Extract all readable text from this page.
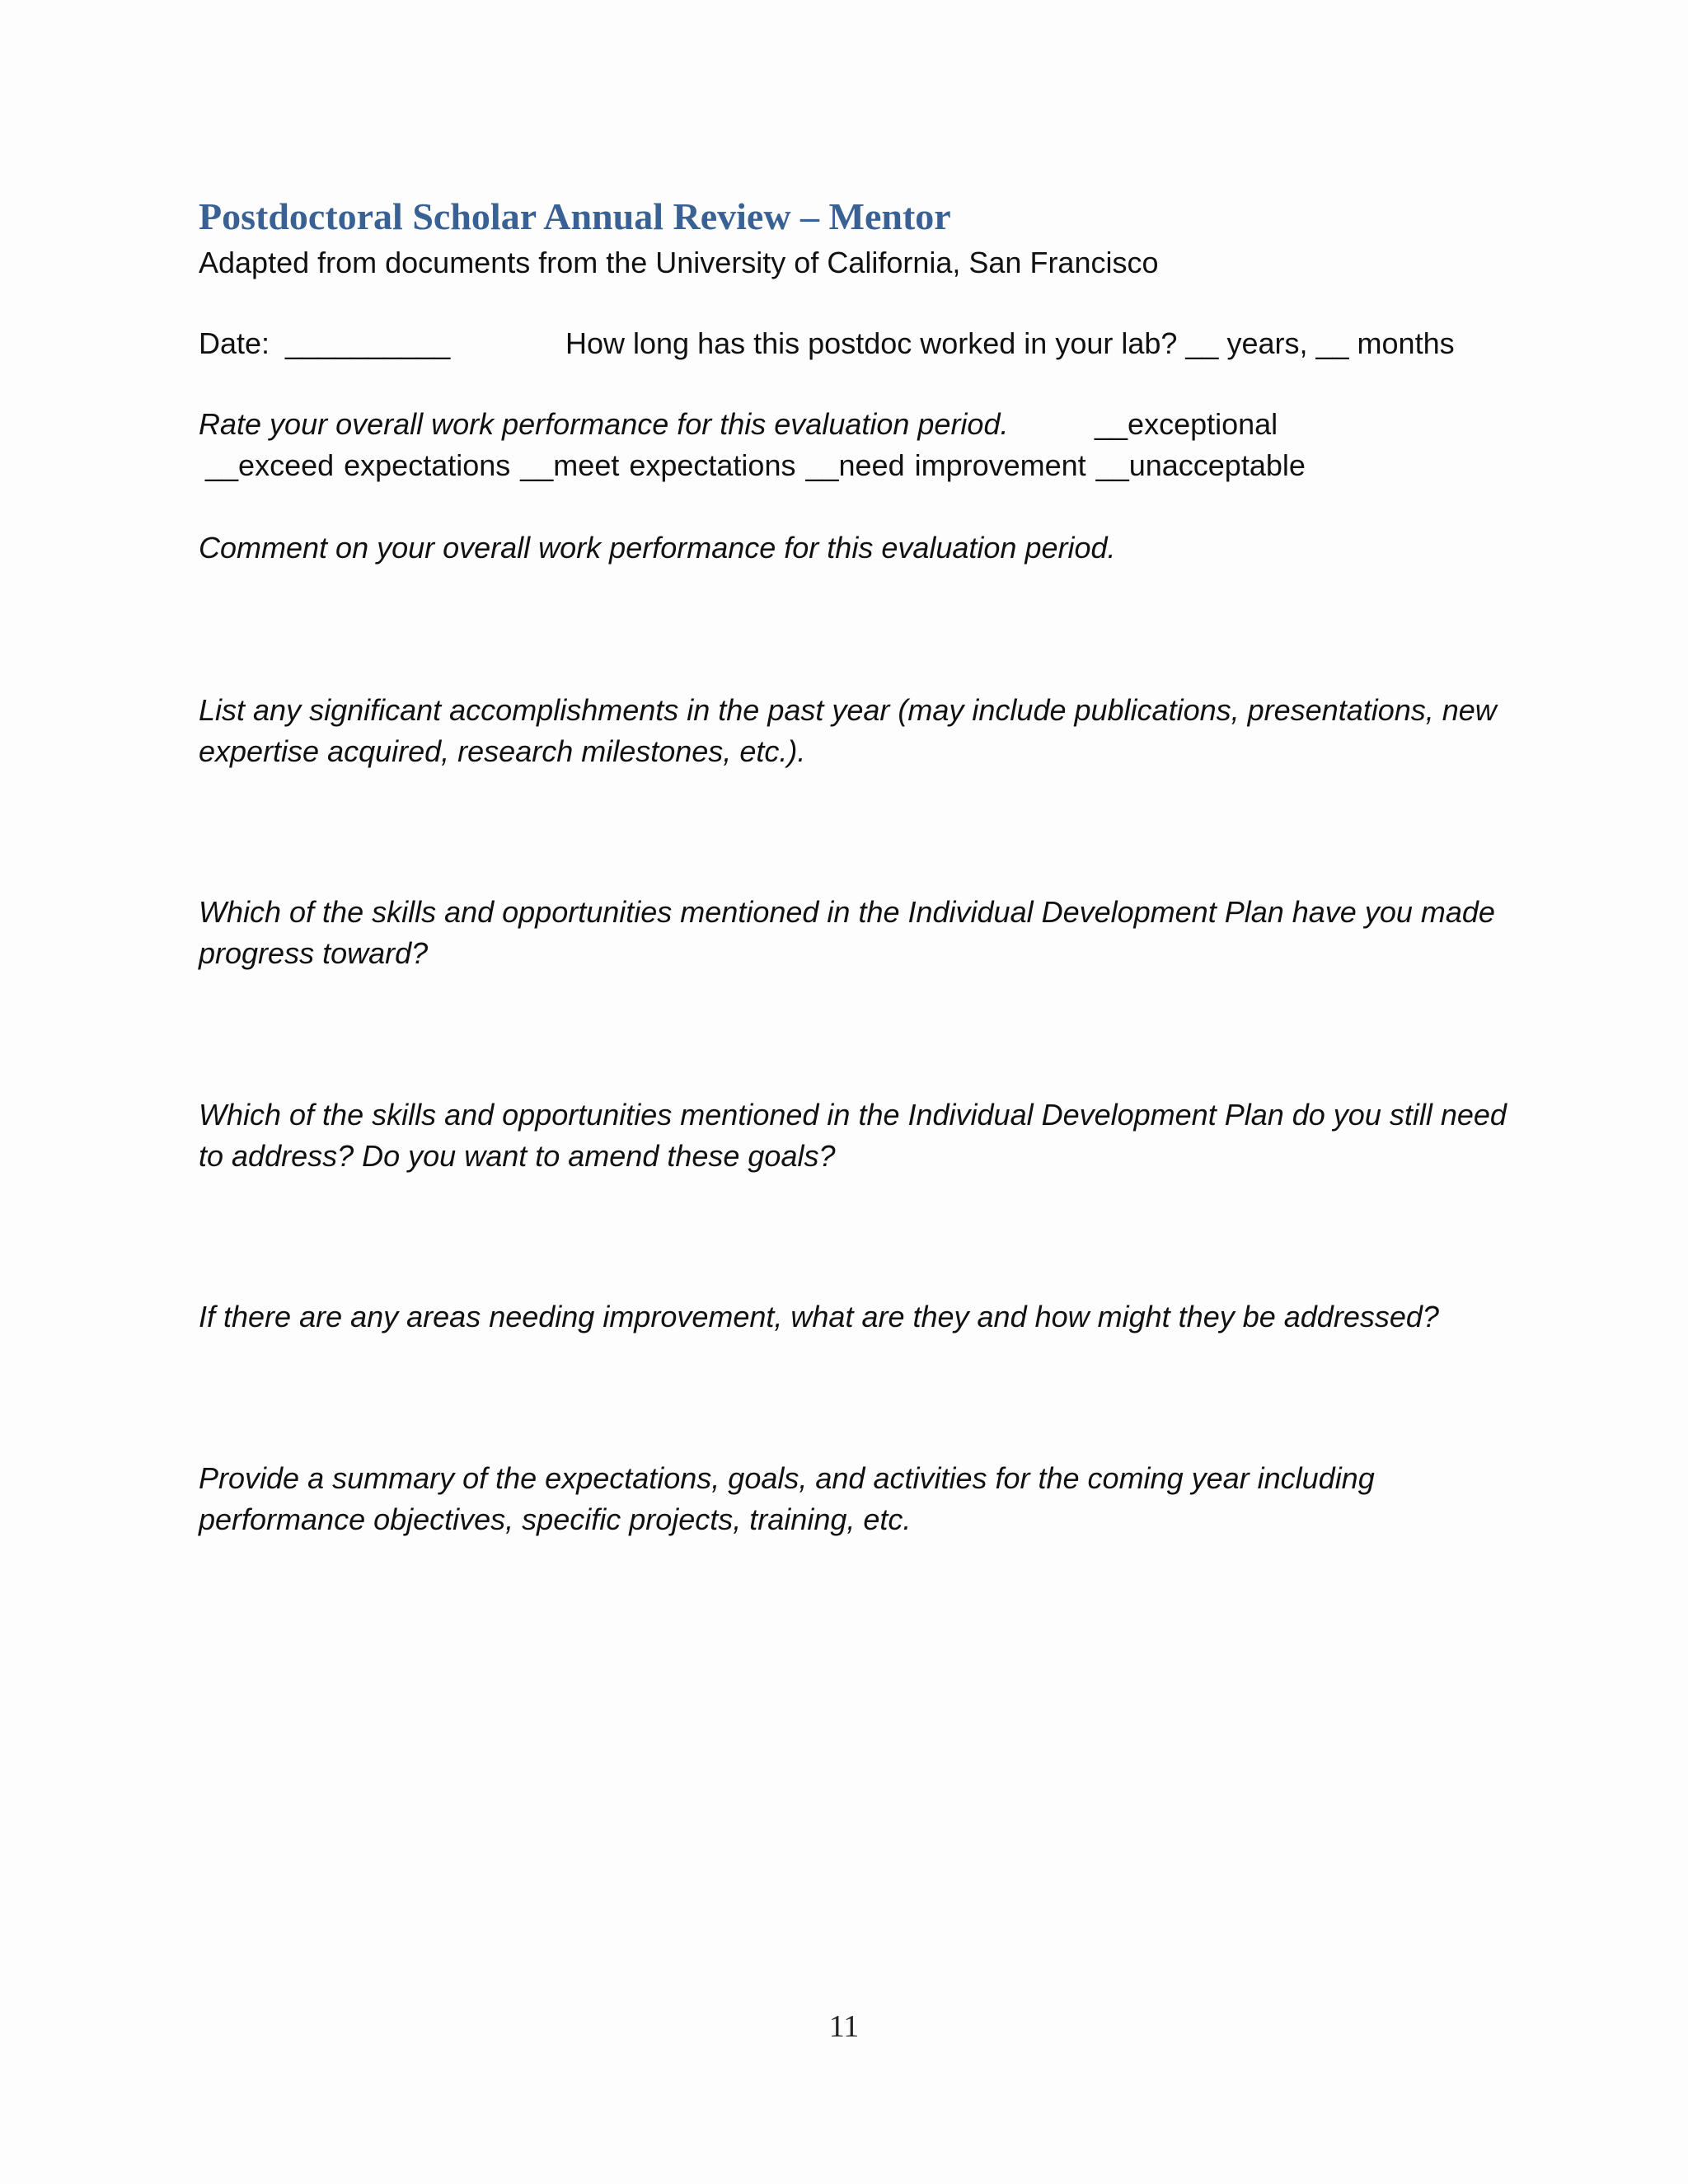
Postdoctoral Scholar Annual Review – Mentor
Adapted from documents from the University of California, San Francisco
Date: __________	How long has this postdoc worked in your lab? __ years, __ months
Rate your overall work performance for this evaluation period.	__exceptional
__exceed expectations __meet expectations __need improvement __unacceptable
Comment on your overall work performance for this evaluation period.
List any significant accomplishments in the past year (may include publications, presentations, new expertise acquired, research milestones, etc.).
Which of the skills and opportunities mentioned in the Individual Development Plan have you made progress toward?
Which of the skills and opportunities mentioned in the Individual Development Plan do you still need to address? Do you want to amend these goals?
If there are any areas needing improvement, what are they and how might they be addressed?
Provide a summary of the expectations, goals, and activities for the coming year including performance objectives, specific projects, training, etc.
11
